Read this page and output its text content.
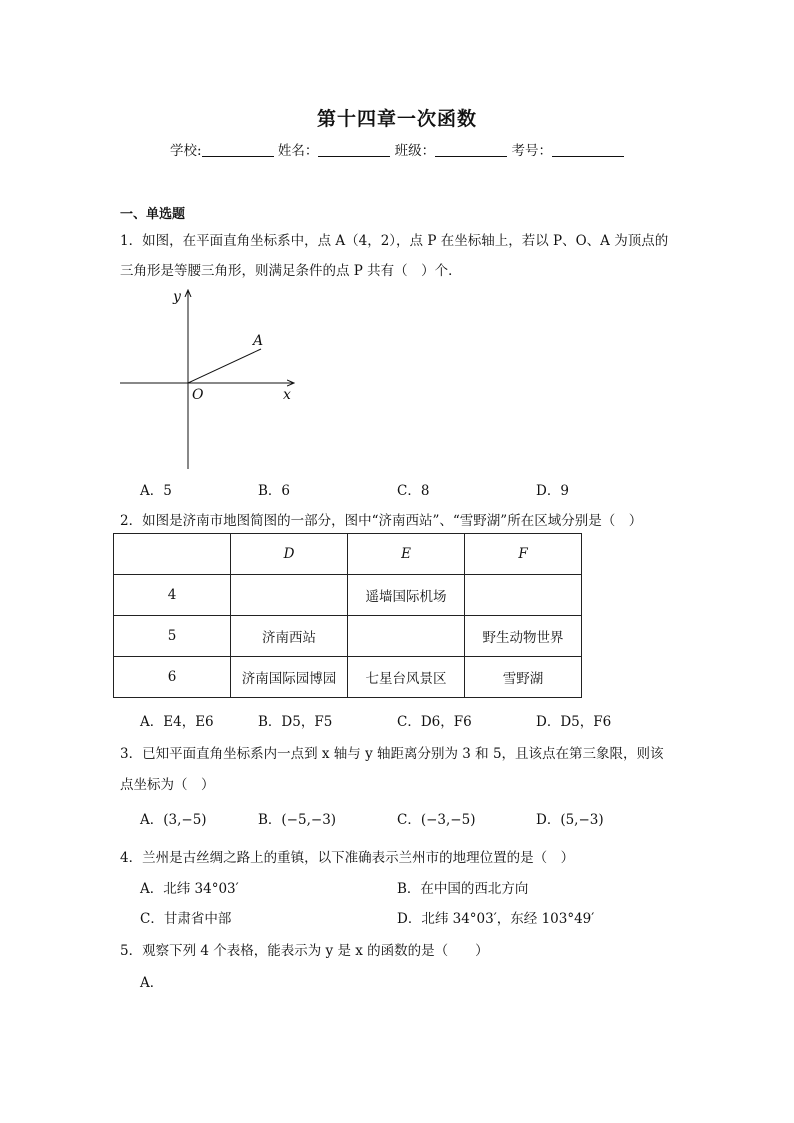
第十四章一次函数
学校:	姓名：	班级：	考号：
一、单选题
1．如图，在平面直角坐标系中，点 A（4，2），点 P 在坐标轴上，若以 P、O、A 为顶点的
三角形是等腰三角形，则满足条件的点 P 共有（　）个．
y
x
O
A
A．5	B．6	C．8	D．9
2．如图是济南市地图简图的一部分，图中“济南西站”、“雪野湖”所在区域分别是（　）
	D	E	F
4		遥墙国际机场	
5	济南西站		野生动物世界
6	济南国际园博园	七星台风景区	雪野湖
A．E4，E6	B．D5，F5	C．D6，F6	D．D5，F6
3．已知平面直角坐标系内一点到 x 轴与 y 轴距离分别为 3 和 5，且该点在第三象限，则该
点坐标为（　）
A．(3,−5)	B．(−5,−3)	C．(−3,−5)	D．(5,−3)
4．兰州是古丝绸之路上的重镇，以下准确表示兰州市的地理位置的是（　）
A．北纬 34°03′	B．在中国的西北方向
C．甘肃省中部	D．北纬 34°03′，东经 103°49′
5．观察下列 4 个表格，能表示为 y 是 x 的函数的是（　　）
A．
